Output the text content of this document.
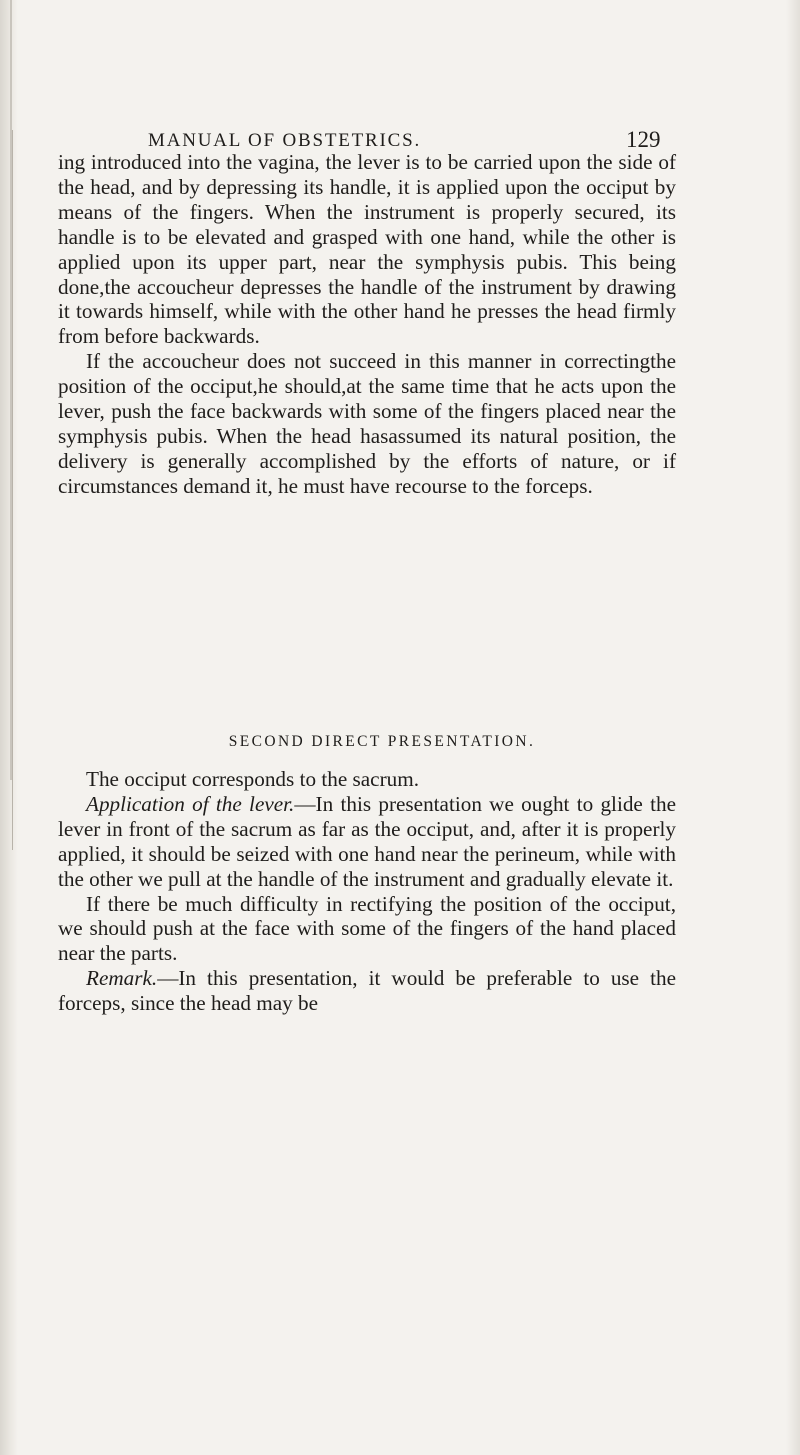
MANUAL OF OBSTETRICS.	129

ing introduced into the vagina, the lever is to be carried upon the side of the head, and by depressing its handle, it is applied upon the occiput by means of the fingers. When the instrument is properly secured, its handle is to be elevated and grasped with one hand, while the other is applied upon its upper part, near the symphysis pubis. This being done,the accoucheur depresses the handle of the instrument by drawing it towards himself, while with the other hand he presses the head firmly from before backwards.

If the accoucheur does not succeed in this manner in correctingthe position of the occiput,he should,at the same time that he acts upon the lever, push the face backwards with some of the fingers placed near the symphysis pubis. When the head hasassumed its natural position, the delivery is generally accomplished by the efforts of nature, or if circumstances demand it, he must have recourse to the forceps.

SECOND DIRECT PRESENTATION.

The occiput corresponds to the sacrum.

Application of the lever.—In this presentation we ought to glide the lever in front of the sacrum as far as the occiput, and, after it is properly applied, it should be seized with one hand near the perineum, while with the other we pull at the handle of the instrument and gradually elevate it.

If there be much difficulty in rectifying the position of the occiput, we should push at the face with some of the fingers of the hand placed near the parts.

Remark.—In this presentation, it would be preferable to use the forceps, since the head may be
